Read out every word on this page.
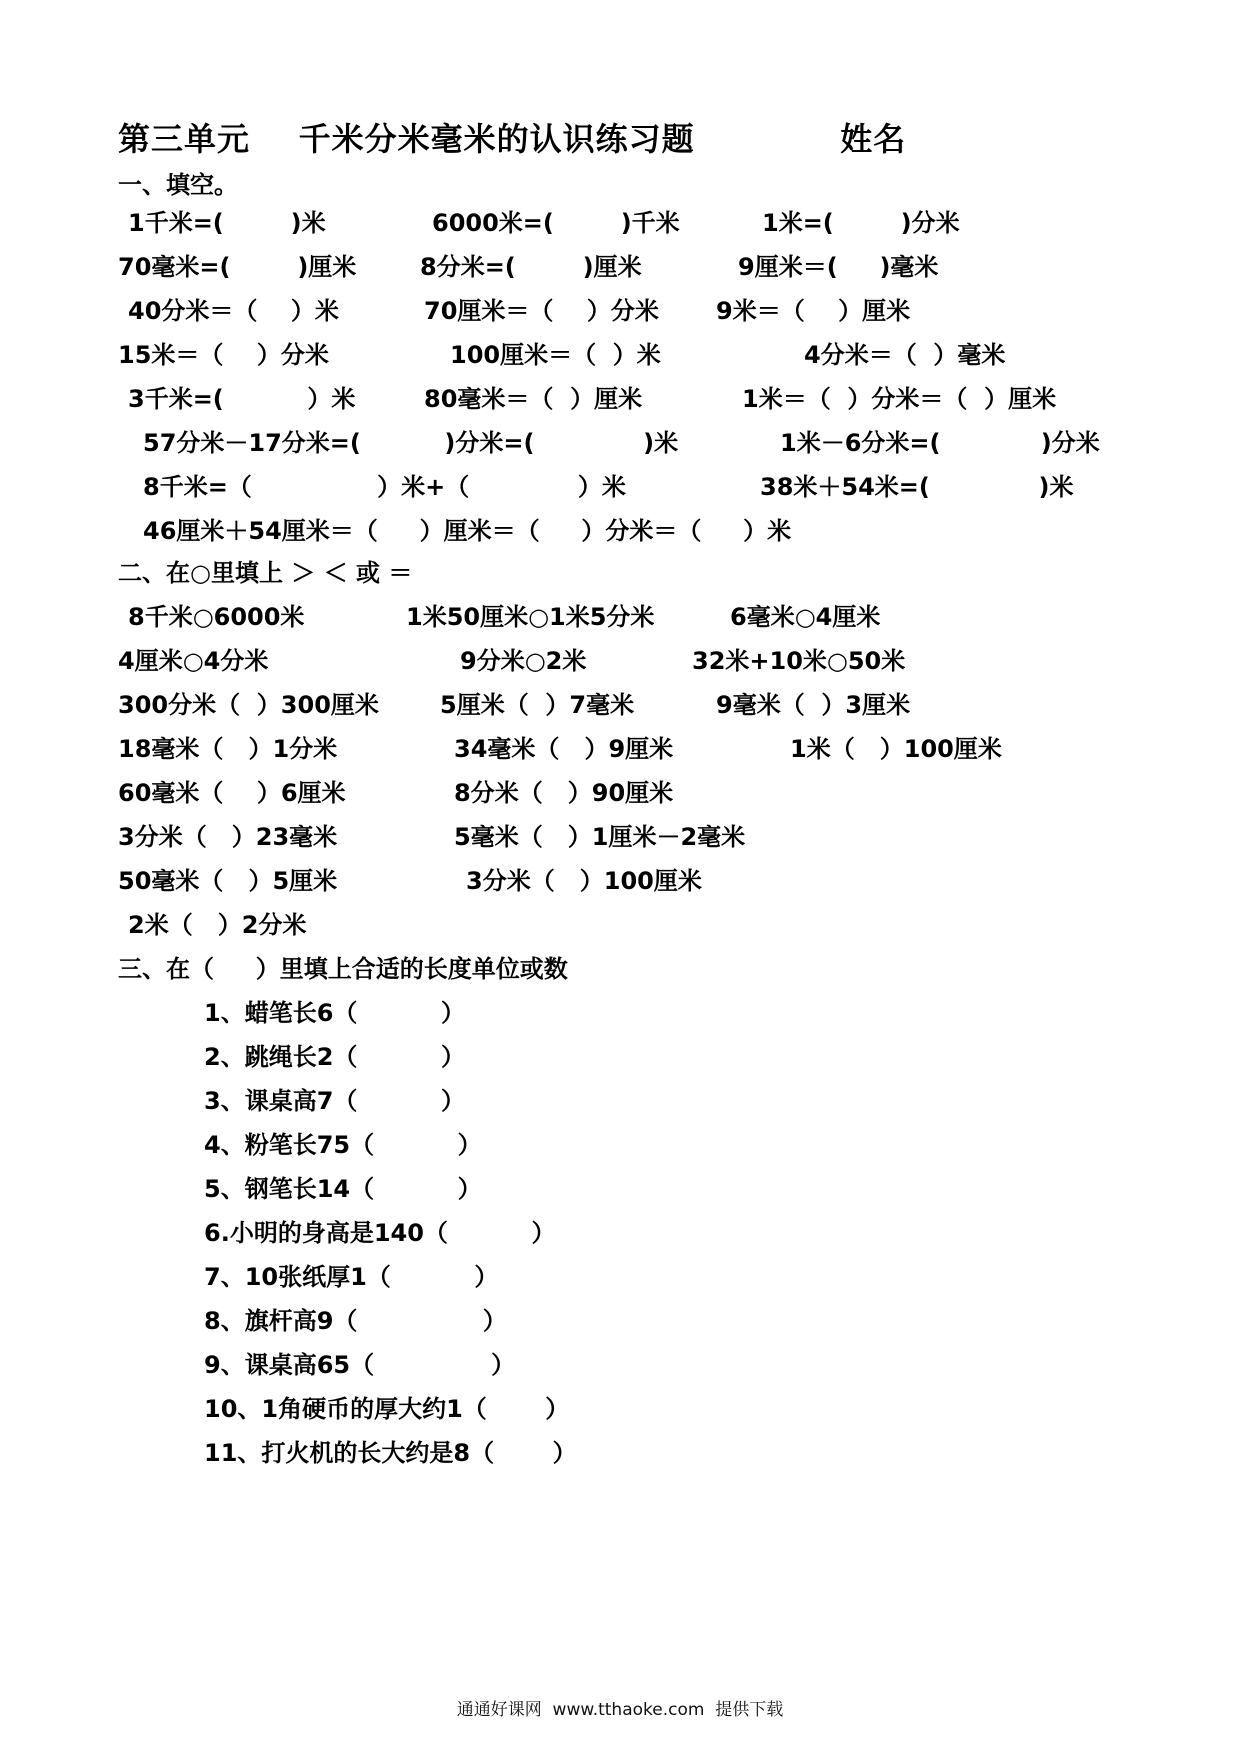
第三单元    千米分米毫米的认识练习题            姓名
一、填空。
1千米=(        )米	6000米=(        )千米	1米=(        )分米
70毫米=(        )厘米	8分米=(        )厘米	9厘米＝(     )毫米
40分米＝（    ）米	70厘米＝（    ）分米 9米＝（    ）厘米
15米＝（    ）分米	100厘米＝（  ）米	4分米＝（  ）毫米
3千米=(          ）米	80毫米＝（  ）厘米	1米＝（  ）分米＝（  ）厘米
57分米－17分米=(          )分米=(             )米	1米－6分米=(            )分米
8千米=（               ）米+（             ）米	38米＋54米=(             )米
46厘米＋54厘米＝（     ）厘米＝（     ）分米＝（     ）米
二、在○里填上 ＞ ＜ 或 ＝
8千米○6000米	1米50厘米○1米5分米	6毫米○4厘米
4厘米○4分米	9分米○2米	32米+10米○50米
300分米（  ）300厘米	5厘米（  ）7毫米	9毫米（  ）3厘米
18毫米（   ）1分米	34毫米（   ）9厘米	1米（   ）100厘米
60毫米（    ）6厘米	8分米（   ）90厘米
3分米（   ）23毫米	5毫米（   ）1厘米－2毫米
50毫米（   ）5厘米	3分米（   ）100厘米
2米（   ）2分米
三、在（     ）里填上合适的长度单位或数
1、蜡笔长6（          ）
2、跳绳长2（          ）
3、课桌高7（          ）
4、粉笔长75（          ）
5、钢笔长14（          ）
6.小明的身高是140（          ）
7、10张纸厚1（          ）
8、旗杆高9（               ）
9、课桌高65（              ）
10、1角硬币的厚大约1（       ）
11、打火机的长大约是8（       ）
通通好课网  www.tthaoke.com  提供下载
